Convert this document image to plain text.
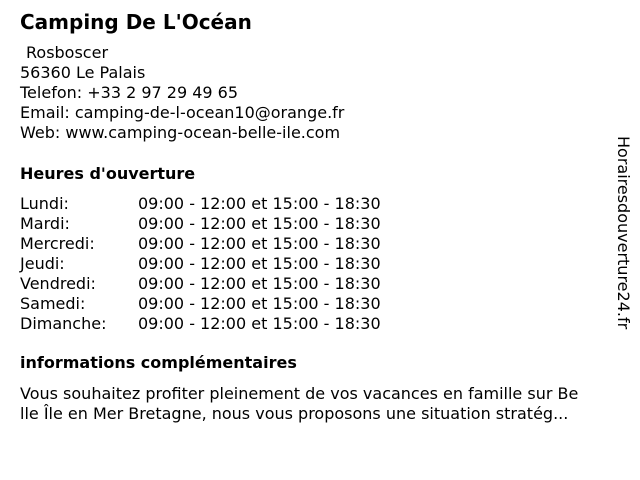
Camping De L'Océan
Rosboscer
56360 Le Palais
Telefon: +33 2 97 29 49 65
Email: camping-de-l-ocean10@orange.fr
Web: www.camping-ocean-belle-ile.com
Heures d'ouverture
Lundi:	09:00 - 12:00 et 15:00 - 18:30
Mardi:	09:00 - 12:00 et 15:00 - 18:30
Mercredi:	09:00 - 12:00 et 15:00 - 18:30
Jeudi:	09:00 - 12:00 et 15:00 - 18:30
Vendredi:	09:00 - 12:00 et 15:00 - 18:30
Samedi:	09:00 - 12:00 et 15:00 - 18:30
Dimanche: 09:00 - 12:00 et 15:00 - 18:30
informations complémentaires
Vous souhaitez profiter pleinement de vos vacances en famille sur Be
lle Île en Mer Bretagne, nous vous proposons une situation stratég...
Horairesdouverture24.fr
